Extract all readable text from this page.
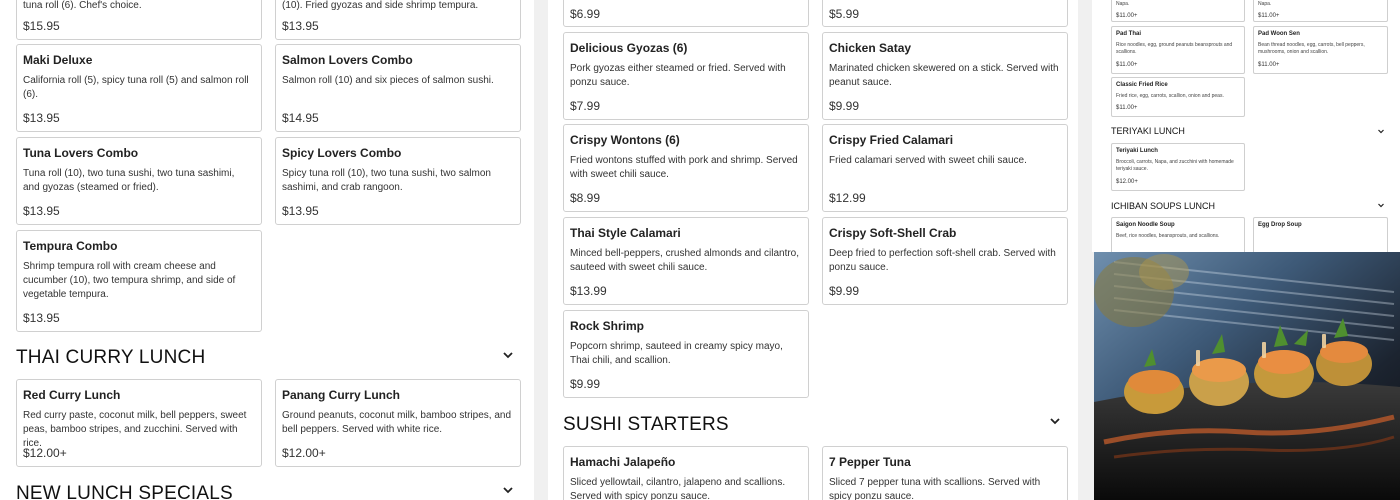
tuna roll (6). Chef's choice.
$15.95
(10). Fried gyozas and side shrimp tempura.
$13.95
Maki Deluxe
California roll (5), spicy tuna roll (5) and salmon roll (6).
$13.95
Salmon Lovers Combo
Salmon roll (10) and six pieces of salmon sushi.
$14.95
Tuna Lovers Combo
Tuna roll (10), two tuna sushi, two tuna sashimi, and gyozas (steamed or fried).
$13.95
Spicy Lovers Combo
Spicy tuna roll (10), two tuna sushi, two salmon sashimi, and crab rangoon.
$13.95
Tempura Combo
Shrimp tempura roll with cream cheese and cucumber (10), two tempura shrimp, and side of vegetable tempura.
$13.95
THAI CURRY LUNCH
Red Curry Lunch
Red curry paste, coconut milk, bell peppers, sweet peas, bamboo stripes, and zucchini. Served with rice.
$12.00+
Panang Curry Lunch
Ground peanuts, coconut milk, bamboo stripes, and bell peppers. Served with white rice.
$12.00+
NEW LUNCH SPECIALS
$6.99	$5.99
Delicious Gyozas (6)
Pork gyozas either steamed or fried. Served with ponzu sauce.
$7.99
Chicken Satay
Marinated chicken skewered on a stick. Served with peanut sauce.
$9.99
Crispy Wontons (6)
Fried wontons stuffed with pork and shrimp. Served with sweet chili sauce.
$8.99
Crispy Fried Calamari
Fried calamari served with sweet chili sauce.
$12.99
Thai Style Calamari
Minced bell-peppers, crushed almonds and cilantro, sauteed with sweet chili sauce.
$13.99
Crispy Soft-Shell Crab
Deep fried to perfection soft-shell crab. Served with ponzu sauce.
$9.99
Rock Shrimp
Popcorn shrimp, sauteed in creamy spicy mayo, Thai chili, and scallion.
$9.99
SUSHI STARTERS
Hamachi Jalapeño
Sliced yellowtail, cilantro, jalapeno and scallions. Served with spicy ponzu sauce.
7 Pepper Tuna
Sliced 7 pepper tuna with scallions. Served with spicy ponzu sauce.
Napa.
$11.00+
Napa.
$11.00+
Pad Thai
Rice noodles, egg, ground peanuts beansprouts and scallions.
$11.00+
Pad Woon Sen
Bean thread noodles, egg, carrots, bell peppers, mushrooms, onion and scallion.
$11.00+
Classic Fried Rice
Fried rice, egg, carrots, scallion, onion and peas.
$11.00+
TERIYAKI LUNCH
Teriyaki Lunch
Broccoli, carrots, Napa, and zucchini with homemade teriyaki sauce.
$12.00+
ICHIBAN SOUPS LUNCH
Saigon Noodle Soup
Beef, rice noodles, beansprouts, and scallions.
Egg Drop Soup
